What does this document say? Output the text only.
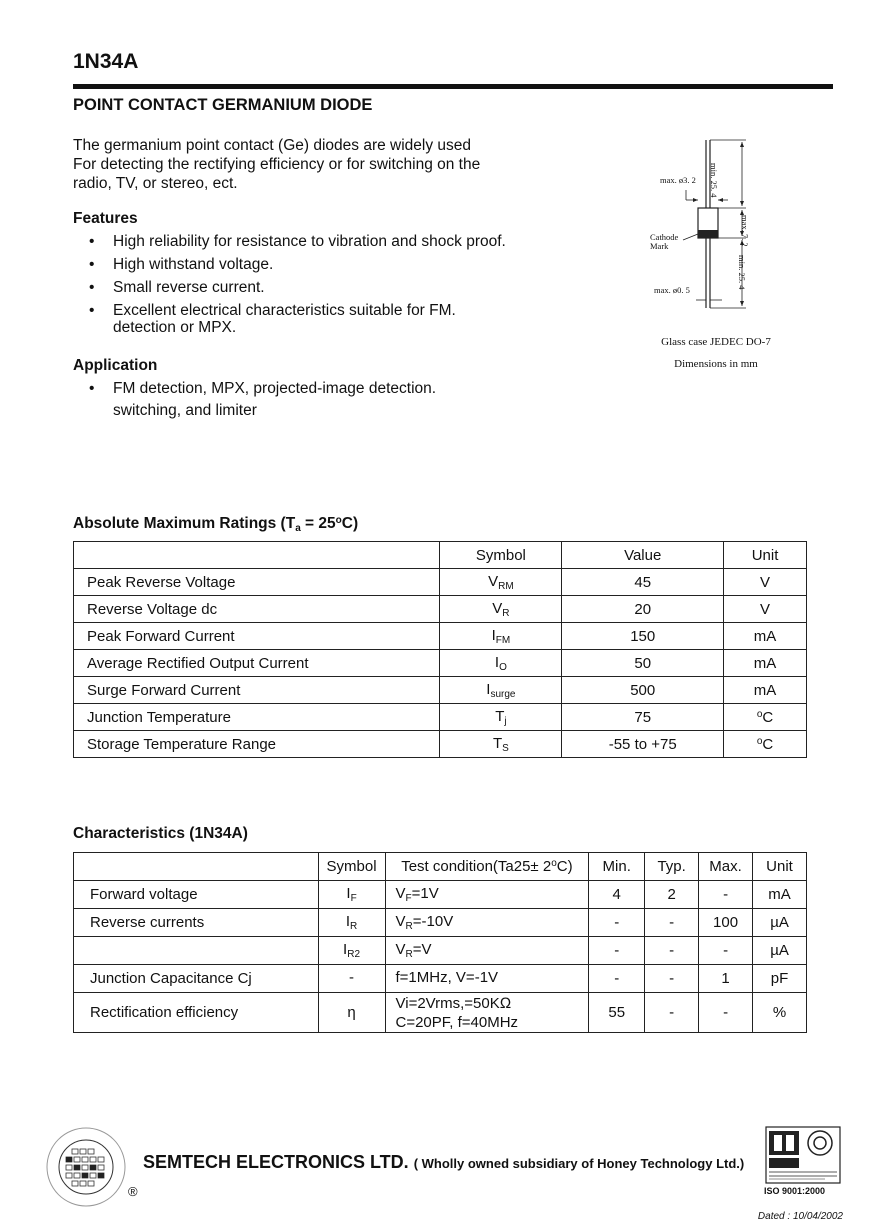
1N34A
POINT CONTACT GERMANIUM DIODE
The germanium point contact (Ge) diodes are widely used
For detecting the rectifying efficiency or for switching on the
radio, TV, or stereo, ect.
Features
• High reliability for resistance to vibration and shock proof.
• High withstand voltage.
• Small reverse current.
• Excellent electrical characteristics suitable for FM.
detection or MPX.
Application
• FM detection, MPX, projected-image detection.
switching, and limiter
max. ø3. 2
max. ø0. 5
Cathode
Mark
min. 25. 4
max. 7. 2
min. 25. 4
Glass case JEDEC DO-7
Dimensions in mm
Absolute Maximum Ratings $(T_a = 25^oC)$
	Symbol	Value	Unit
Peak Reverse Voltage	$V_{RM}$	45	V
Reverse Voltage dc	$V_R$	20	V
Peak Forward Current	$I_{FM}$	150	mA
Average Rectified Output Current	$I_O$	50	mA
Surge Forward Current	$I_{surge}$	500	mA
Junction Temperature	$T_j$	75	$^o$C
Storage Temperature Range	$T_S$	-55 to +75	$^o$C
Characteristics (1N34A)
	Symbol	Test condition(Ta25± $2^oC$)	Min.	Typ.	Max.	Unit
Forward voltage	$I_F$	$V_F=1V$	4	2	-	mA
Reverse currents	$I_R$	$V_R=-10V$	-	-	100	µA
	$I_{R2}$	$V_R=V$	-	-	-	µA
Junction Capacitance Cj	-	f=1MHz, V=-1V	-	-	1	pF
Rectification efficiency	η	Vi=2Vrms,=50KΩ
C=20PF, f=40MHz	55	-	-	%
®
SEMTECH ELECTRONICS LTD. ( Wholly owned subsidiary of Honey Technology Ltd.)
ISO 9001:2000
Dated : 10/04/2002
